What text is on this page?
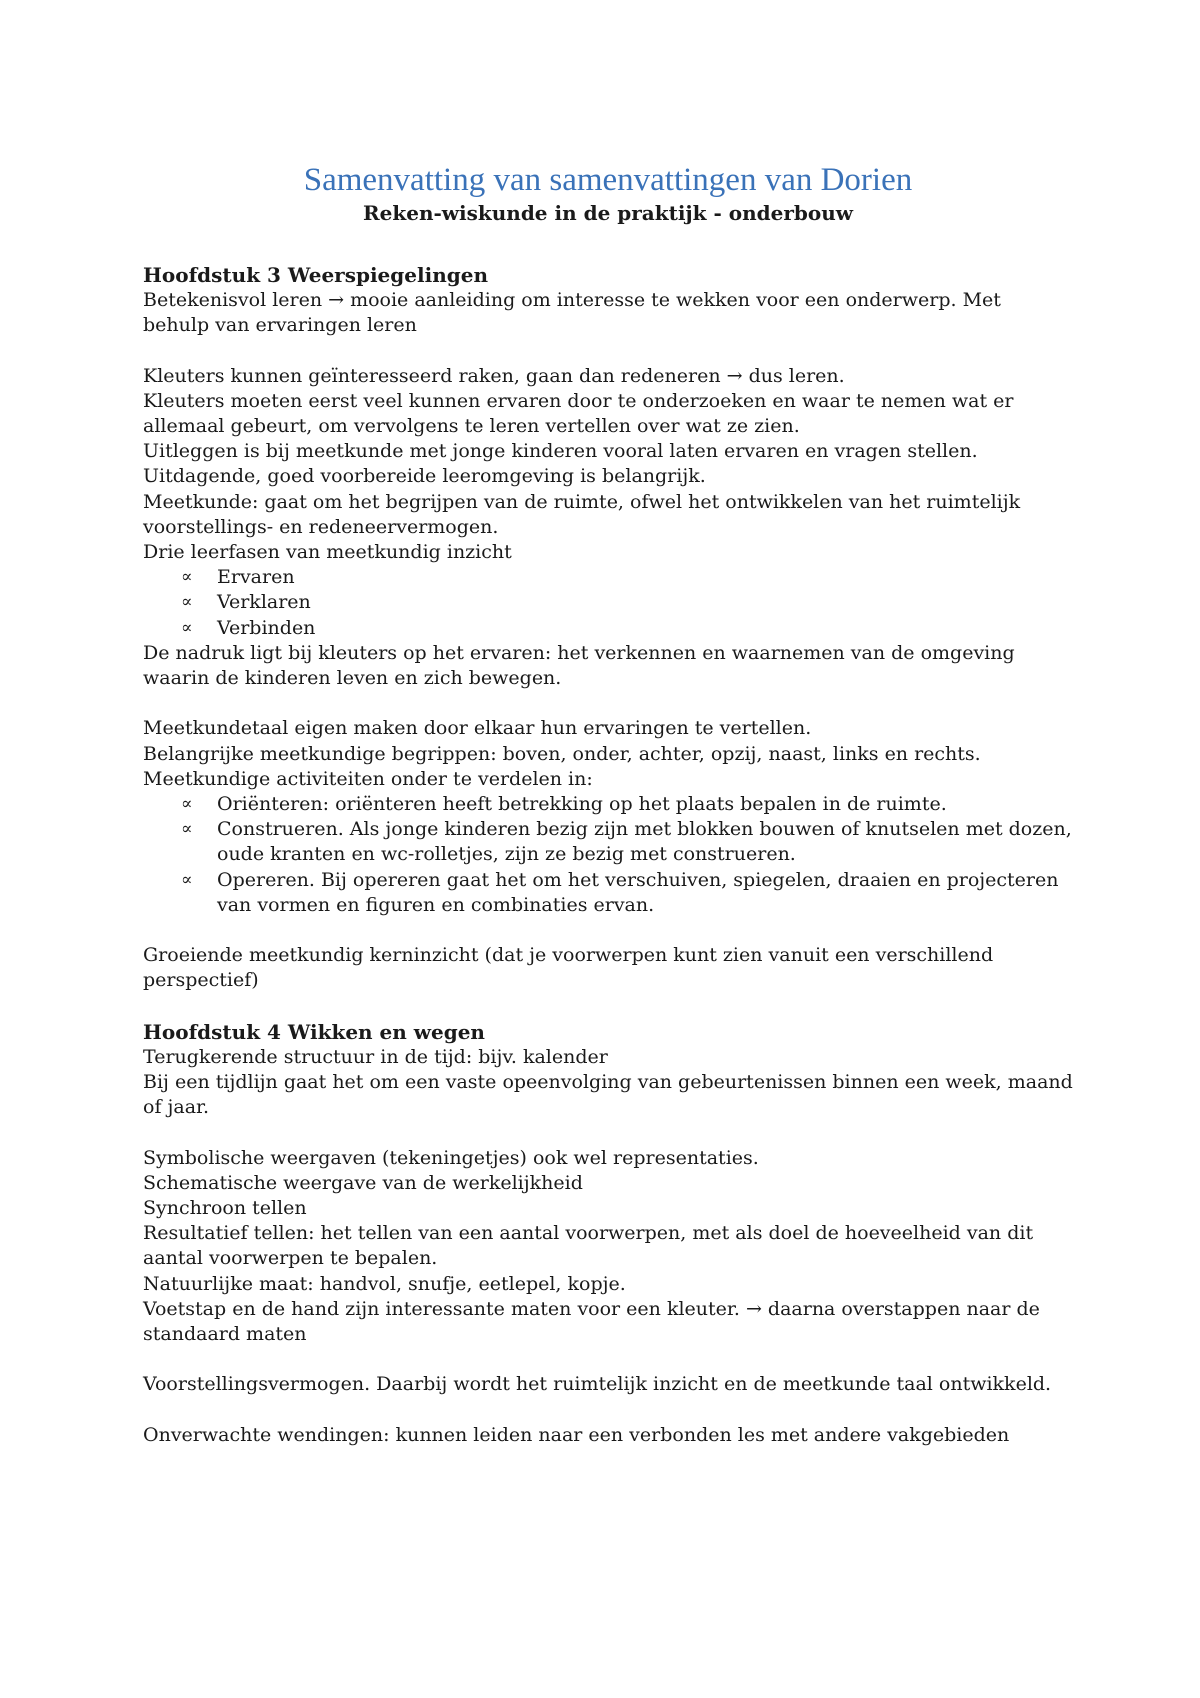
Samenvatting van samenvattingen van Dorien
Reken-wiskunde in de praktijk - onderbouw
Hoofdstuk 3 Weerspiegelingen

Betekenisvol leren → mooie aanleiding om interesse te wekken voor een onderwerp. Met behulp van ervaringen leren

Kleuters kunnen geïnteresseerd raken, gaan dan redeneren → dus leren.

Kleuters moeten eerst veel kunnen ervaren door te onderzoeken en waar te nemen wat er allemaal gebeurt, om vervolgens te leren vertellen over wat ze zien.

Uitleggen is bij meetkunde met jonge kinderen vooral laten ervaren en vragen stellen.

Uitdagende, goed voorbereide leeromgeving is belangrijk.

Meetkunde: gaat om het begrijpen van de ruimte, ofwel het ontwikkelen van het ruimtelijk voorstellings- en redeneervermogen.

Drie leerfasen van meetkundig inzicht

∝ Ervaren
∝ Verklaren
∝ Verbinden

De nadruk ligt bij kleuters op het ervaren: het verkennen en waarnemen van de omgeving waarin de kinderen leven en zich bewegen.

Meetkundetaal eigen maken door elkaar hun ervaringen te vertellen.

Belangrijke meetkundige begrippen: boven, onder, achter, opzij, naast, links en rechts.

Meetkundige activiteiten onder te verdelen in:

∝ Oriënteren: oriënteren heeft betrekking op het plaats bepalen in de ruimte.
∝ Construeren. Als jonge kinderen bezig zijn met blokken bouwen of knutselen met dozen, oude kranten en wc-rolletjes, zijn ze bezig met construeren.
∝ Opereren. Bij opereren gaat het om het verschuiven, spiegelen, draaien en projecteren van vormen en figuren en combinaties ervan.

Groeiende meetkundig kerninzicht (dat je voorwerpen kunt zien vanuit een verschillend perspectief)

Hoofdstuk 4 Wikken en wegen

Terugkerende structuur in de tijd: bijv. kalender

Bij een tijdlijn gaat het om een vaste opeenvolging van gebeurtenissen binnen een week, maand of jaar.

Symbolische weergaven (tekeningetjes) ook wel representaties.

Schematische weergave van de werkelijkheid

Synchroon tellen

Resultatief tellen: het tellen van een aantal voorwerpen, met als doel de hoeveelheid van dit aantal voorwerpen te bepalen.

Natuurlijke maat: handvol, snufje, eetlepel, kopje.

Voetstap en de hand zijn interessante maten voor een kleuter. → daarna overstappen naar de standaard maten

Voorstellingsvermogen. Daarbij wordt het ruimtelijk inzicht en de meetkunde taal ontwikkeld.

Onverwachte wendingen: kunnen leiden naar een verbonden les met andere vakgebieden
